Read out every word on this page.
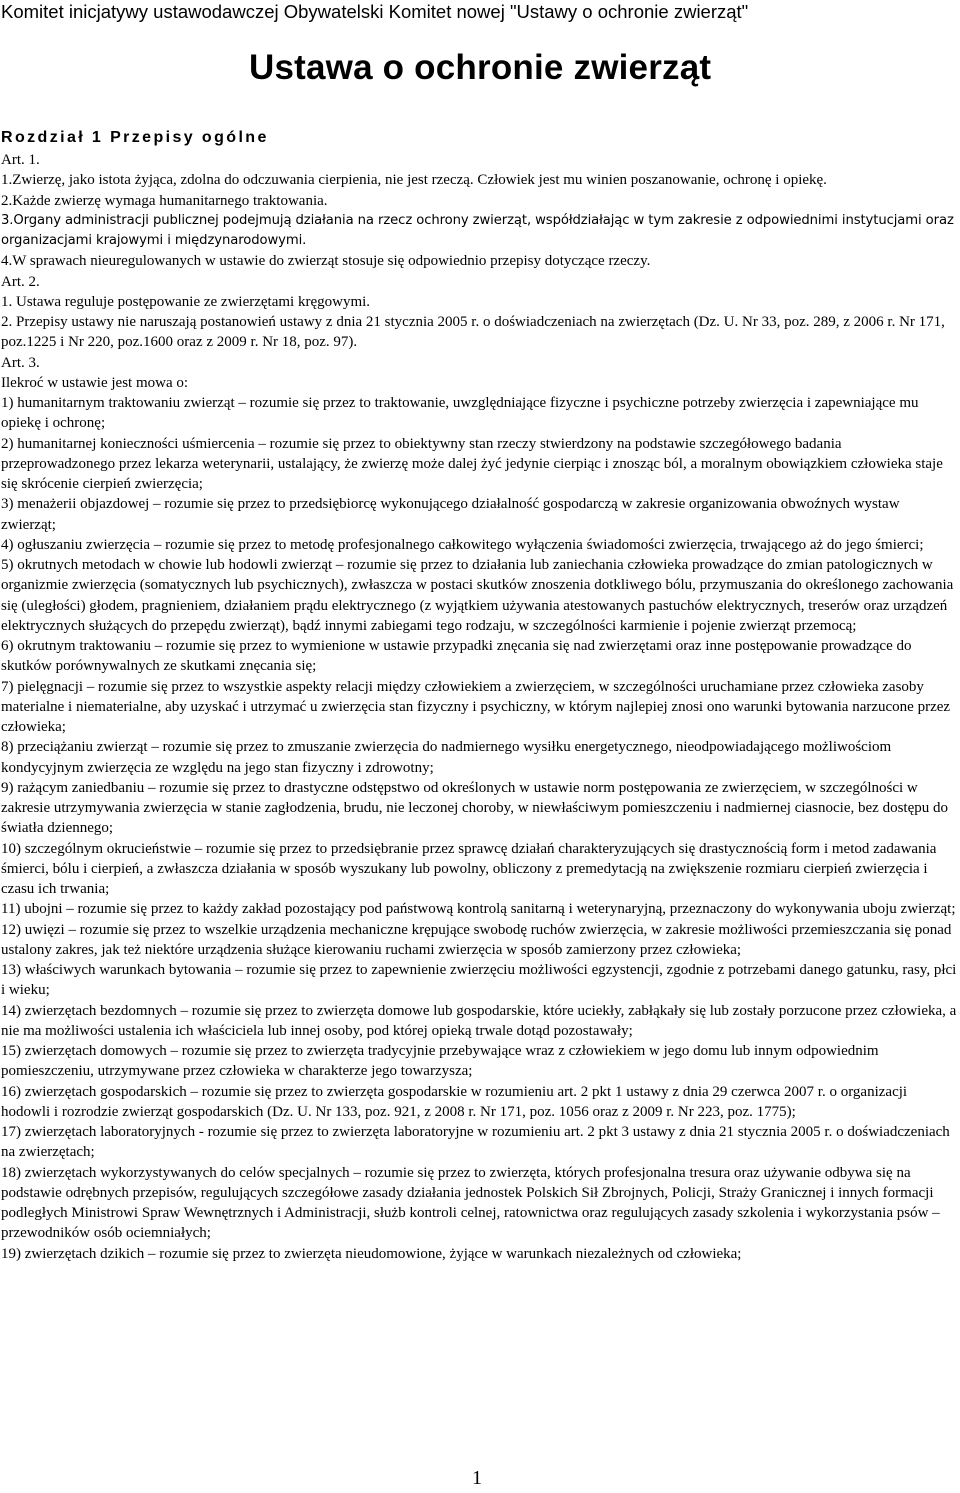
Komitet inicjatywy ustawodawczej Obywatelski Komitet nowej "Ustawy o ochronie zwierząt"
Ustawa o ochronie zwierząt
Rozdział 1 Przepisy ogólne

Art. 1.

1.Zwierzę, jako istota żyjąca, zdolna do odczuwania cierpienia, nie jest rzeczą. Człowiek jest mu winien poszanowanie, ochronę i opiekę.

2.Każde zwierzę wymaga humanitarnego traktowania.

3.Organy administracji publicznej podejmują działania na rzecz ochrony zwierząt, współdziałając w tym zakresie z odpowiednimi instytucjami oraz organizacjami krajowymi i międzynarodowymi.

4.W sprawach nieuregulowanych w ustawie do zwierząt stosuje się odpowiednio przepisy dotyczące rzeczy.

Art. 2.

1. Ustawa reguluje postępowanie ze zwierzętami kręgowymi.

2. Przepisy ustawy nie naruszają postanowień ustawy z dnia 21 stycznia 2005 r. o doświadczeniach na zwierzętach (Dz. U. Nr 33, poz. 289, z 2006 r. Nr 171, poz.1225 i Nr 220, poz.1600 oraz z 2009 r. Nr 18, poz. 97).

Art. 3.

Ilekroć w ustawie jest mowa o:

1) humanitarnym traktowaniu zwierząt – rozumie się przez to traktowanie, uwzględniające fizyczne i psychiczne potrzeby zwierzęcia i zapewniające mu opiekę i ochronę;

2) humanitarnej konieczności uśmiercenia – rozumie się przez to obiektywny stan rzeczy stwierdzony na podstawie szczegółowego badania przeprowadzonego przez lekarza weterynarii, ustalający, że zwierzę może dalej żyć jedynie cierpiąc i znosząc ból, a moralnym obowiązkiem człowieka staje się skrócenie cierpień zwierzęcia;

3) menażerii objazdowej – rozumie się przez to przedsiębiorcę wykonującego działalność gospodarczą w zakresie organizowania obwoźnych wystaw zwierząt;

4) ogłuszaniu zwierzęcia – rozumie się przez to metodę profesjonalnego całkowitego wyłączenia świadomości zwierzęcia, trwającego aż do jego śmierci;

5) okrutnych metodach w chowie lub hodowli zwierząt – rozumie się przez to działania lub zaniechania człowieka prowadzące do zmian patologicznych w organizmie zwierzęcia (somatycznych lub psychicznych), zwłaszcza w postaci skutków znoszenia dotkliwego bólu, przymuszania do określonego zachowania się (uległości) głodem, pragnieniem, działaniem prądu elektrycznego (z wyjątkiem używania atestowanych pastuchów elektrycznych, treserów oraz urządzeń elektrycznych służących do przepędu zwierząt), bądź innymi zabiegami tego rodzaju, w szczególności karmienie i pojenie zwierząt przemocą;

6) okrutnym traktowaniu – rozumie się przez to wymienione w ustawie przypadki znęcania się nad zwierzętami oraz inne postępowanie prowadzące do skutków porównywalnych ze skutkami znęcania się;

7) pielęgnacji – rozumie się przez to wszystkie aspekty relacji między człowiekiem a zwierzęciem, w szczególności uruchamiane przez człowieka zasoby materialne i niematerialne, aby uzyskać i utrzymać u zwierzęcia stan fizyczny i psychiczny, w którym najlepiej znosi ono warunki bytowania narzucone przez człowieka;

8) przeciążaniu zwierząt – rozumie się przez to zmuszanie zwierzęcia do nadmiernego wysiłku energetycznego, nieodpowiadającego możliwościom kondycyjnym zwierzęcia ze względu na jego stan fizyczny i zdrowotny;

9) rażącym zaniedbaniu – rozumie się przez to drastyczne odstępstwo od określonych w ustawie norm postępowania ze zwierzęciem, w szczególności w zakresie utrzymywania zwierzęcia w stanie zagłodzenia, brudu, nie leczonej choroby, w niewłaściwym pomieszczeniu i nadmiernej ciasnocie, bez dostępu do światła dziennego;

10) szczególnym okrucieństwie – rozumie się przez to przedsiębranie przez sprawcę działań charakteryzujących się drastycznością form i metod zadawania śmierci, bólu i cierpień, a zwłaszcza działania w sposób wyszukany lub powolny, obliczony z premedytacją na zwiększenie rozmiaru cierpień zwierzęcia i czasu ich trwania;

11) ubojni – rozumie się przez to każdy zakład pozostający pod państwową kontrolą sanitarną i weterynaryjną, przeznaczony do wykonywania uboju zwierząt;

12) uwięzi – rozumie się przez to wszelkie urządzenia mechaniczne krępujące swobodę ruchów zwierzęcia, w zakresie możliwości przemieszczania się ponad ustalony zakres, jak też niektóre urządzenia służące kierowaniu ruchami zwierzęcia w sposób zamierzony przez człowieka;

13) właściwych warunkach bytowania – rozumie się przez to zapewnienie zwierzęciu możliwości egzystencji, zgodnie z potrzebami danego gatunku, rasy, płci i wieku;

14) zwierzętach bezdomnych – rozumie się przez to zwierzęta domowe lub gospodarskie, które uciekły, zabłąkały się lub zostały porzucone przez człowieka, a nie ma możliwości ustalenia ich właściciela lub innej osoby, pod której opieką trwale dotąd pozostawały;

15) zwierzętach domowych – rozumie się przez to zwierzęta tradycyjnie przebywające wraz z człowiekiem w jego domu lub innym odpowiednim pomieszczeniu, utrzymywane przez człowieka w charakterze jego towarzysza;

16) zwierzętach gospodarskich – rozumie się przez to zwierzęta gospodarskie w rozumieniu art. 2 pkt 1 ustawy z dnia 29 czerwca 2007 r. o organizacji hodowli i rozrodzie zwierząt gospodarskich (Dz. U. Nr 133, poz. 921, z 2008 r. Nr 171, poz. 1056 oraz z 2009 r. Nr 223, poz. 1775);

17) zwierzętach laboratoryjnych - rozumie się przez to zwierzęta laboratoryjne w rozumieniu art. 2 pkt 3 ustawy z dnia 21 stycznia 2005 r. o doświadczeniach na zwierzętach;

18) zwierzętach wykorzystywanych do celów specjalnych – rozumie się przez to zwierzęta, których profesjonalna tresura oraz używanie odbywa się na podstawie odrębnych przepisów, regulujących szczegółowe zasady działania jednostek Polskich Sił Zbrojnych, Policji, Straży Granicznej i innych formacji podległych Ministrowi Spraw Wewnętrznych i Administracji, służb kontroli celnej, ratownictwa oraz regulujących zasady szkolenia i wykorzystania psów – przewodników osób ociemniałych;

19) zwierzętach dzikich – rozumie się przez to zwierzęta nieudomowione, żyjące w warunkach niezależnych od człowieka;

1
